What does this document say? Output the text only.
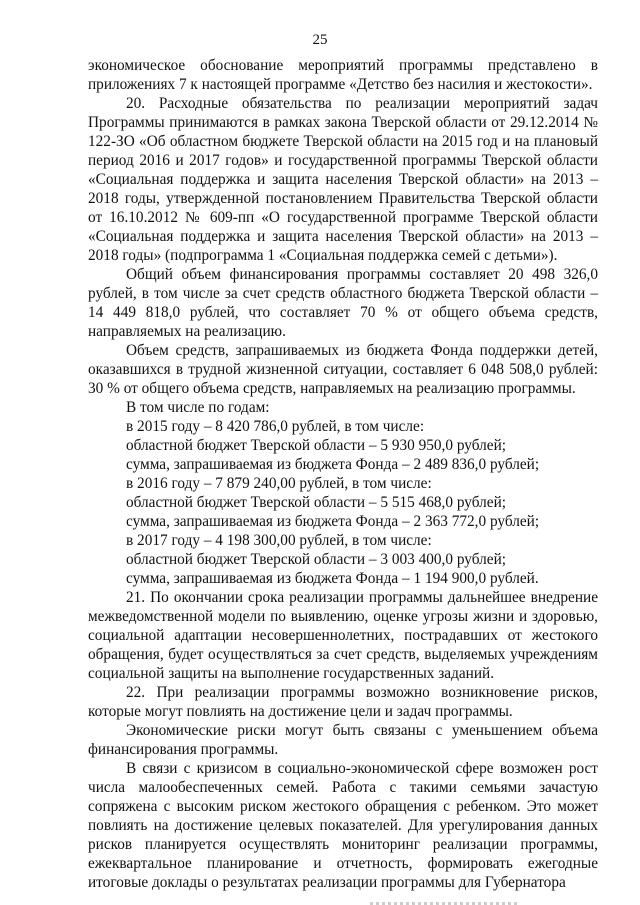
25

экономическое обоснование мероприятий программы представлено в приложениях 7 к настоящей программе «Детство без насилия и жестокости».

20. Расходные обязательства по реализации мероприятий задач Программы принимаются в рамках закона Тверской области от 29.12.2014 № 122-ЗО «Об областном бюджете Тверской области на 2015 год и на плановый период 2016 и 2017 годов» и государственной программы Тверской области «Социальная поддержка и защита населения Тверской области» на 2013 – 2018 годы, утвержденной постановлением Правительства Тверской области от 16.10.2012 № 609-пп «О государственной программе Тверской области «Социальная поддержка и защита населения Тверской области» на 2013 – 2018 годы» (подпрограмма 1 «Социальная поддержка семей с детьми»).

Общий объем финансирования программы составляет 20 498 326,0 рублей, в том числе за счет средств областного бюджета Тверской области – 14 449 818,0 рублей, что составляет 70 % от общего объема средств, направляемых на реализацию.

Объем средств, запрашиваемых из бюджета Фонда поддержки детей, оказавшихся в трудной жизненной ситуации, составляет 6 048 508,0 рублей: 30 % от общего объема средств, направляемых на реализацию программы.

В том числе по годам:
в 2015 году – 8 420 786,0 рублей, в том числе:
областной бюджет Тверской области – 5 930 950,0 рублей;
сумма, запрашиваемая из бюджета Фонда – 2 489 836,0 рублей;
в 2016 году – 7 879 240,00 рублей, в том числе:
областной бюджет Тверской области – 5 515 468,0 рублей;
сумма, запрашиваемая из бюджета Фонда – 2 363 772,0 рублей;
в 2017 году – 4 198 300,00 рублей, в том числе:
областной бюджет Тверской области – 3 003 400,0 рублей;
сумма, запрашиваемая из бюджета Фонда – 1 194 900,0 рублей.

21. По окончании срока реализации программы дальнейшее внедрение межведомственной модели по выявлению, оценке угрозы жизни и здоровью, социальной адаптации несовершеннолетних, пострадавших от жестокого обращения, будет осуществляться за счет средств, выделяемых учреждениям социальной защиты на выполнение государственных заданий.

22. При реализации программы возможно возникновение рисков, которые могут повлиять на достижение цели и задач программы.

Экономические риски могут быть связаны с уменьшением объема финансирования программы.

В связи с кризисом в социально-экономической сфере возможен рост числа малообеспеченных семей. Работа с такими семьями зачастую сопряжена с высоким риском жестокого обращения с ребенком. Это может повлиять на достижение целевых показателей. Для урегулирования данных рисков планируется осуществлять мониторинг реализации программы, ежеквартальное планирование и отчетность, формировать ежегодные итоговые доклады о результатах реализации программы для Губернатора
